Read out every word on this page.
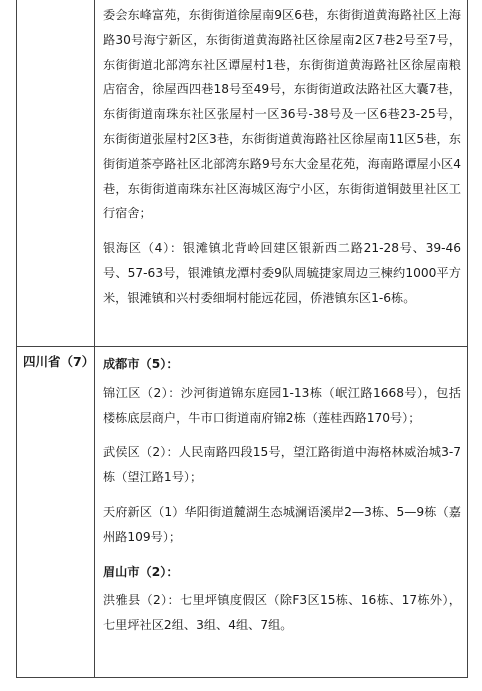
委会东峰富苑，东街街道徐屋南9区6巷，东街街道黄海路社区上海路30号海宁新区，东街街道黄海路社区徐屋南2区7巷2号至7号，东街街道北部湾东社区谭屋村1巷，东街街道黄海路社区徐屋南粮店宿舍，徐屋西四巷18号至49号，东街街道政法路社区大囊7巷，东街街道南珠东社区张屋村一区36号-38号及一区6巷23-25号，东街街道张屋村2区3巷，东街街道黄海路社区徐屋南11区5巷，东街街道茶亭路社区北部湾东路9号东大金星花苑，海南路谭屋小区4巷，东街街道南珠东社区海城区海宁小区，东街街道铜鼓里社区工行宿舍；

银海区（4）：银滩镇北背岭回建区银新西二路21-28号、39-46号、57-63号，银滩镇龙潭村委9队周毓捷家周边三楝约1000平方米，银滩镇和兴村委细垌村能远花园，侨港镇东区1-6栋。

四川省（7） 成都市（5）：

锦江区（2）：沙河街道锦东庭园1-13栋（岷江路1668号），包括楼栋底层商户，牛市口街道南府锦2栋（莲桂西路170号）；

武侯区（2）：人民南路四段15号，望江路街道中海格林威治城3-7栋（望江路1号）；

天府新区（1）华阳街道麓湖生态城澜语溪岸2—3栋、5—9栋（嘉州路109号）；

眉山市（2）：

洪雅县（2）：七里坪镇度假区（除F3区15栋、16栋、17栋外），七里坪社区2组、3组、4组、7组。
